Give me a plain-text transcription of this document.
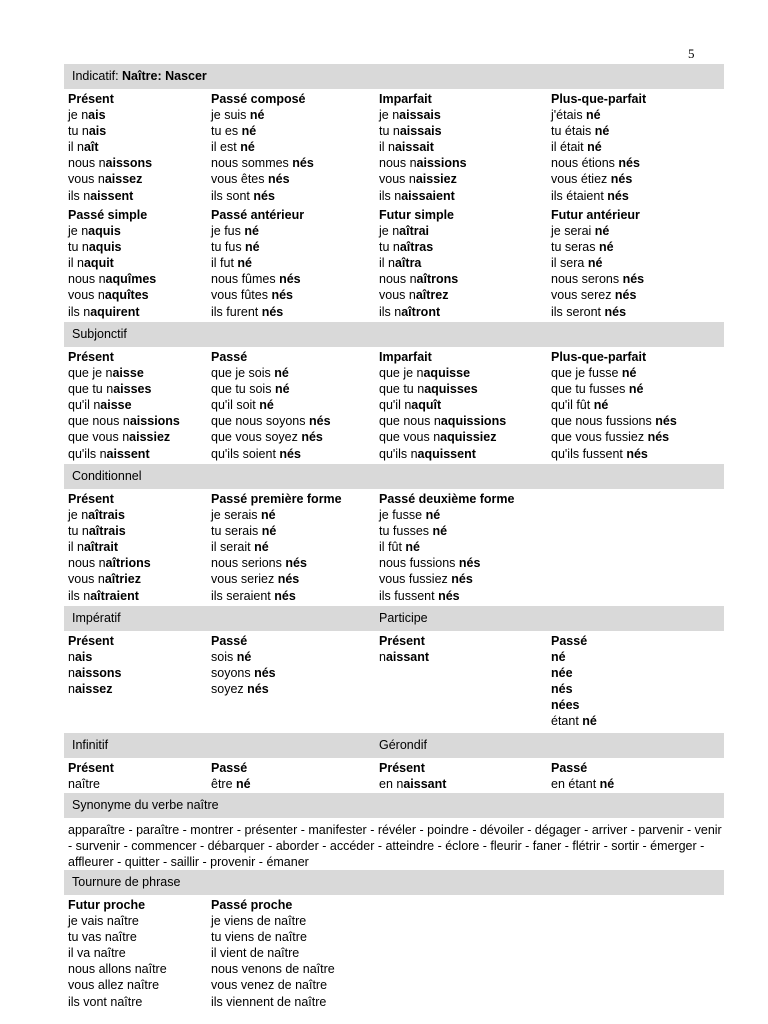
5
Indicatif: Naître: Nascer
Subjonctif
Conditionnel
Impératif	Participe
Infinitif	Gérondif
Synonyme du verbe naître
Tournure de phrase
Présent
je nais
tu nais
il naît
nous naissons
vous naissez
ils naissent
Passé composé
je suis né
tu es né
il est né
nous sommes nés
vous êtes nés
ils sont nés
Imparfait
je naissais
tu naissais
il naissait
nous naissions
vous naissiez
ils naissaient
Plus-que-parfait
j'étais né
tu étais né
il était né
nous étions nés
vous étiez nés
ils étaient nés
Passé simple
je naquis
tu naquis
il naquit
nous naquîmes
vous naquîtes
ils naquirent
Passé antérieur
je fus né
tu fus né
il fut né
nous fûmes nés
vous fûtes nés
ils furent nés
Futur simple
je naîtrai
tu naîtras
il naîtra
nous naîtrons
vous naîtrez
ils naîtront
Futur antérieur
je serai né
tu seras né
il sera né
nous serons nés
vous serez nés
ils seront nés
Présent
que je naisse
que tu naisses
qu'il naisse
que nous naissions
que vous naissiez
qu'ils naissent
Passé
que je sois né
que tu sois né
qu'il soit né
que nous soyons nés
que vous soyez nés
qu'ils soient nés
Imparfait
que je naquisse
que tu naquisses
qu'il naquît
que nous naquissions
que vous naquissiez
qu'ils naquissent
Plus-que-parfait
que je fusse né
que tu fusses né
qu'il fût né
que nous fussions nés
que vous fussiez nés
qu'ils fussent nés
Présent
je naîtrais
tu naîtrais
il naîtrait
nous naîtrions
vous naîtriez
ils naîtraient
Passé première forme
je serais né
tu serais né
il serait né
nous serions nés
vous seriez nés
ils seraient nés
Passé deuxième forme
je fusse né
tu fusses né
il fût né
nous fussions nés
vous fussiez nés
ils fussent nés
Présent
nais
naissons
naissez
Passé
sois né
soyons nés
soyez nés
Présent
naissant
Passé
né
née
nés
nées
étant né
Présent
naître
Passé
être né
Présent
en naissant
Passé
en étant né
apparaître - paraître - montrer - présenter - manifester - révéler - poindre - dévoiler - dégager - arriver - parvenir - venir - survenir - commencer - débarquer - aborder - accéder - atteindre - éclore - fleurir - faner - flétrir - sortir - émerger - affleurer - quitter - saillir - provenir - émaner
Futur proche
je vais naître
tu vas naître
il va naître
nous allons naître
vous allez naître
ils vont naître
Passé proche
je viens de naître
tu viens de naître
il vient de naître
nous venons de naître
vous venez de naître
ils viennent de naître
